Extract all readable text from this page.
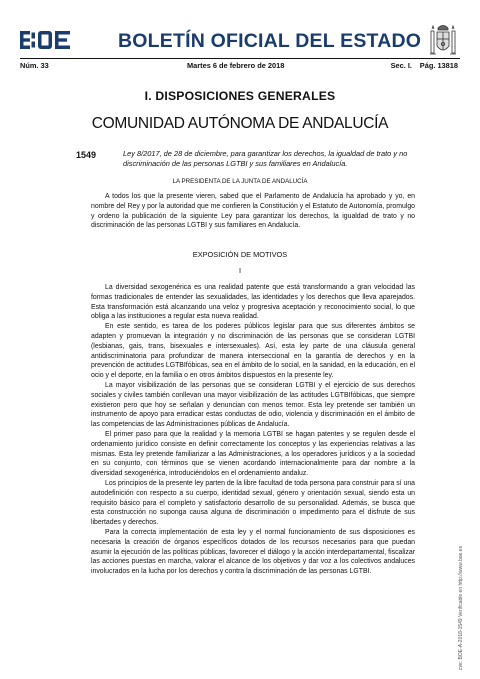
BOLETÍN OFICIAL DEL ESTADO
Núm. 33	Martes 6 de febrero de 2018	Sec. I. Pág. 13818
I. DISPOSICIONES GENERALES
COMUNIDAD AUTÓNOMA DE ANDALUCÍA
1549	Ley 8/2017, de 28 de diciembre, para garantizar los derechos, la igualdad de trato y no discriminación de las personas LGTBI y sus familiares en Andalucía.
LA PRESIDENTA DE LA JUNTA DE ANDALUCÍA

A todos los que la presente vieren, sabed que el Parlamento de Andalucía ha aprobado y yo, en nombre del Rey y por la autoridad que me confieren la Constitución y el Estatuto de Autonomía, promulgo y ordeno la publicación de la siguiente Ley para garantizar los derechos, la igualdad de trato y no discriminación de las personas LGTBI y sus familiares en Andalucía.

EXPOSICIÓN DE MOTIVOS
I

La diversidad sexogenérica es una realidad patente que está transformando a gran velocidad las formas tradicionales de entender las sexualidades, las identidades y los derechos que lleva aparejados. Esta transformación está alcanzando una veloz y progresiva aceptación y reconocimiento social, lo que obliga a las instituciones a regular esta nueva realidad.

En este sentido, es tarea de los poderes públicos legislar para que sus diferentes ámbitos se adapten y promuevan la integración y no discriminación de las personas que se consideran LGTBI (lesbianas, gais, trans, bisexuales e intersexuales). Así, esta ley parte de una cláusula general antidiscriminatoria para profundizar de manera interseccional en la garantía de derechos y en la prevención de actitudes LGTBIfóbicas, sea en el ámbito de lo social, en la sanidad, en la educación, en el ocio y el deporte, en la familia o en otros ámbitos dispuestos en la presente ley.

La mayor visibilización de las personas que se consideran LGTBI y el ejercicio de sus derechos sociales y civiles también conllevan una mayor visibilización de las actitudes LGTBIfóbicas, que siempre existieron pero que hoy se señalan y denuncian con menos temor. Esta ley pretende ser también un instrumento de apoyo para erradicar estas conductas de odio, violencia y discriminación en el ámbito de las competencias de las Administraciones públicas de Andalucía.

El primer paso para que la realidad y la memoria LGTBI se hagan patentes y se regulen desde el ordenamiento jurídico consiste en definir correctamente los conceptos y las experiencias relativas a las mismas. Esta ley pretende familiarizar a las Administraciones, a los operadores jurídicos y a la sociedad en su conjunto, con términos que se vienen acordando internacionalmente para dar nombre a la diversidad sexogenérica, introduciéndolos en el ordenamiento andaluz.

Los principios de la presente ley parten de la libre facultad de toda persona para construir para sí una autodefinición con respecto a su cuerpo, identidad sexual, género y orientación sexual, siendo esta un requisito básico para el completo y satisfactorio desarrollo de su personalidad. Además, se busca que esta construcción no suponga causa alguna de discriminación o impedimento para el disfrute de sus libertades y derechos.

Para la correcta implementación de esta ley y el normal funcionamiento de sus disposiciones es necesaria la creación de órganos específicos dotados de los recursos necesarios para que puedan asumir la ejecución de las políticas públicas, favorecer el diálogo y la acción interdepartamental, fiscalizar las acciones puestas en marcha, valorar el alcance de los objetivos y dar voz a los colectivos andaluces involucrados en la lucha por los derechos y contra la discriminación de las personas LGTBI.	cve: BOE-A-2018-1549 Verificable en http://www.boe.es
